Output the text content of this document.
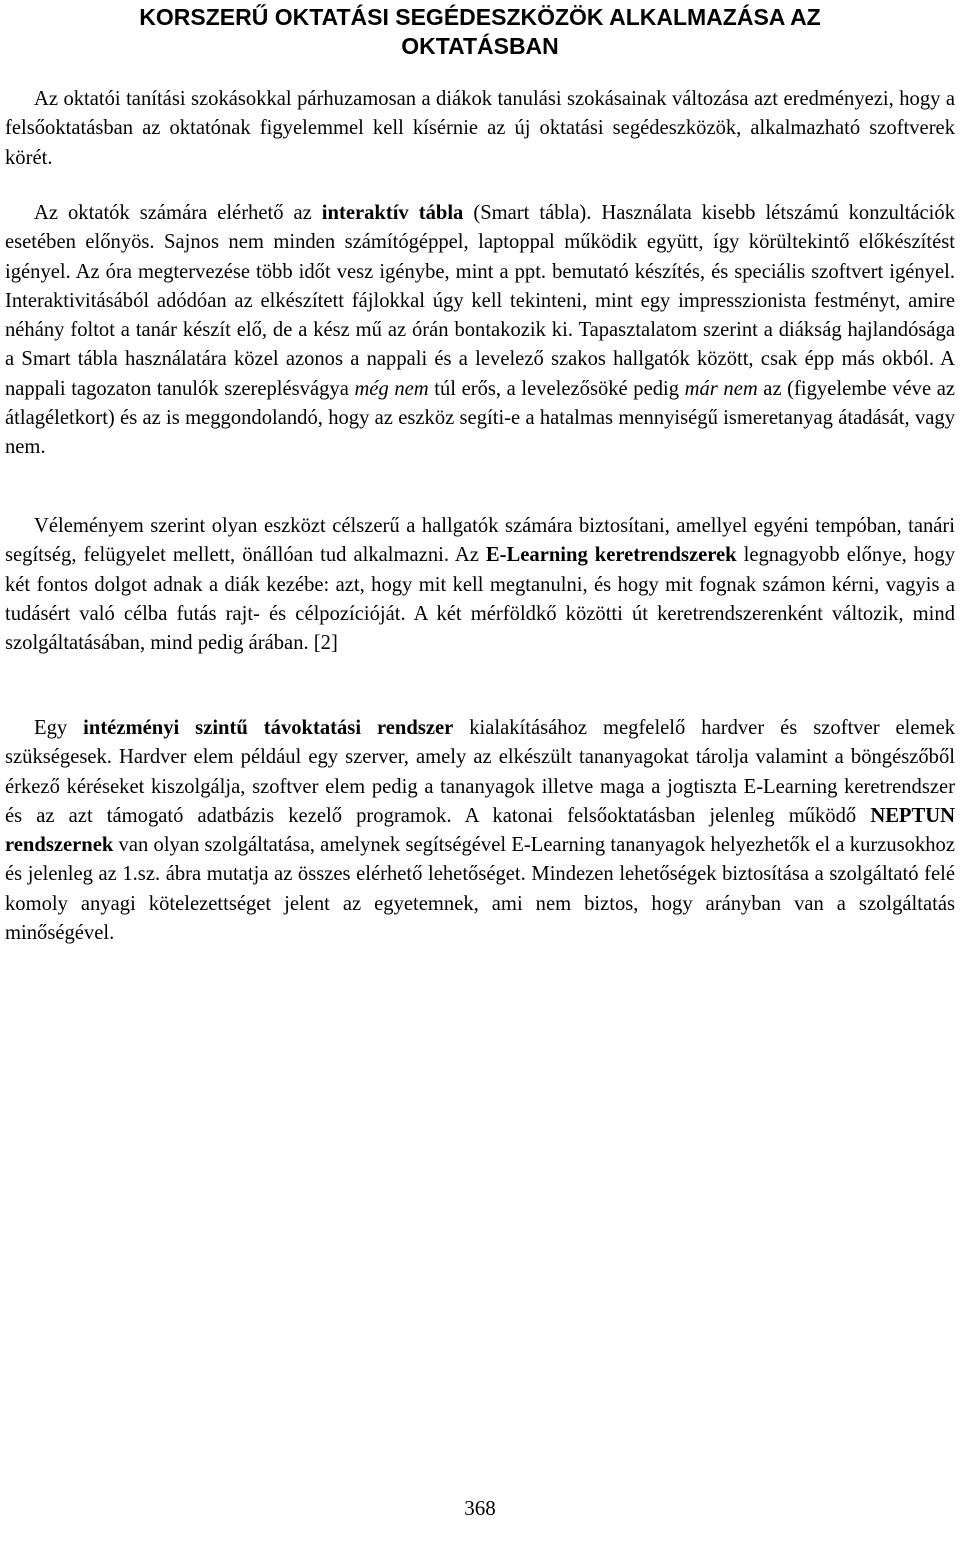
KORSZERŰ OKTATÁSI SEGÉDESZKÖZÖK ALKALMAZÁSA AZ OKTATÁSBAN

Az oktatói tanítási szokásokkal párhuzamosan a diákok tanulási szokásainak változása azt eredményezi, hogy a felsőoktatásban az oktatónak figyelemmel kell kísérnie az új oktatási segédeszközök, alkalmazható szoftverek körét.

Az oktatók számára elérhető az interaktív tábla (Smart tábla). Használata kisebb létszámú konzultációk esetében előnyös. Sajnos nem minden számítógéppel, laptoppal működik együtt, így körültekintő előkészítést igényel. Az óra megtervezése több időt vesz igénybe, mint a ppt. bemutató készítés, és speciális szoftvert igényel. Interaktivitásából adódóan az elkészített fájlokkal úgy kell tekinteni, mint egy impresszionista festményt, amire néhány foltot a tanár készít elő, de a kész mű az órán bontakozik ki. Tapasztalatom szerint a diákság hajlandósága a Smart tábla használatára közel azonos a nappali és a levelező szakos hallgatók között, csak épp más okból. A nappali tagozaton tanulók szereplésvágya még nem túl erős, a levelezősöké pedig már nem az (figyelembe véve az átlagéletkort) és az is meggondolandó, hogy az eszköz segíti-e a hatalmas mennyiségű ismeretanyag átadását, vagy nem.

Véleményem szerint olyan eszközt célszerű a hallgatók számára biztosítani, amellyel egyéni tempóban, tanári segítség, felügyelet mellett, önállóan tud alkalmazni. Az E-Learning keretrendszerek legnagyobb előnye, hogy két fontos dolgot adnak a diák kezébe: azt, hogy mit kell megtanulni, és hogy mit fognak számon kérni, vagyis a tudásért való célba futás rajt- és célpozícióját. A két mérföldkő közötti út keretrendszerenként változik, mind szolgáltatásában, mind pedig árában. [2]

Egy intézményi szintű távoktatási rendszer kialakításához megfelelő hardver és szoftver elemek szükségesek. Hardver elem például egy szerver, amely az elkészült tananyagokat tárolja valamint a böngészőből érkező kéréseket kiszolgálja, szoftver elem pedig a tananyagok illetve maga a jogtiszta E-Learning keretrendszer és az azt támogató adatbázis kezelő programok. A katonai felsőoktatásban jelenleg működő NEPTUN rendszernek van olyan szolgáltatása, amelynek segítségével E-Learning tananyagok helyezhetők el a kurzusokhoz és jelenleg az 1.sz. ábra mutatja az összes elérhető lehetőséget. Mindezen lehetőségek biztosítása a szolgáltató felé komoly anyagi kötelezettséget jelent az egyetemnek, ami nem biztos, hogy arányban van a szolgáltatás minőségével.

368
